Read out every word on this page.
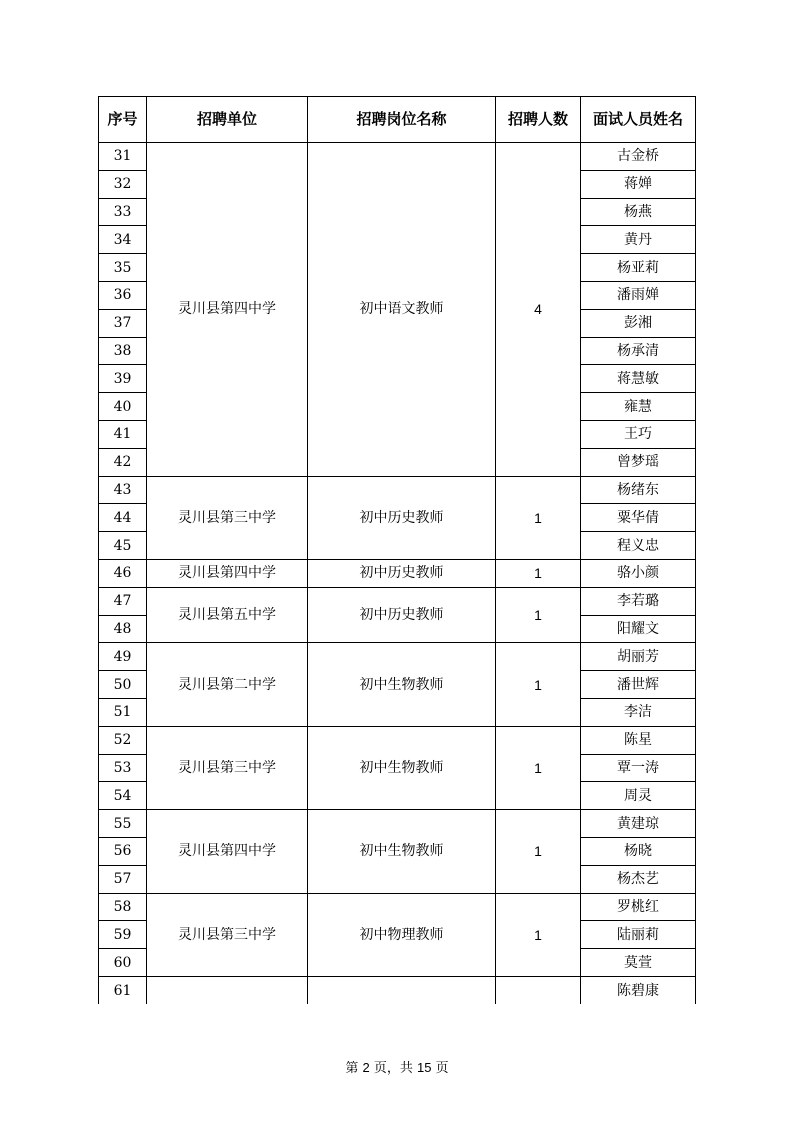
序号	招聘单位	招聘岗位名称	招聘人数	面试人员姓名
31	灵川县第四中学	初中语文教师	4	古金桥
32				蒋婵
33				杨燕
34				黄丹
35				杨亚莉
36				潘雨婵
37				彭湘
38				杨承清
39				蒋慧敏
40				雍慧
41				王巧
42				曾梦瑶
43	灵川县第三中学	初中历史教师	1	杨绪东
44				粟华倩
45				程义忠
46	灵川县第四中学	初中历史教师	1	骆小颜
47	灵川县第五中学	初中历史教师	1	李若璐
48				阳耀文
49	灵川县第二中学	初中生物教师	1	胡丽芳
50				潘世辉
51				李洁
52	灵川县第三中学	初中生物教师	1	陈星
53				覃一涛
54				周灵
55	灵川县第四中学	初中生物教师	1	黄建琼
56				杨晓
57				杨杰艺
58	灵川县第三中学	初中物理教师	1	罗桃红
59				陆丽莉
60				莫萱
61				陈碧康
第 2 页，共 15 页
